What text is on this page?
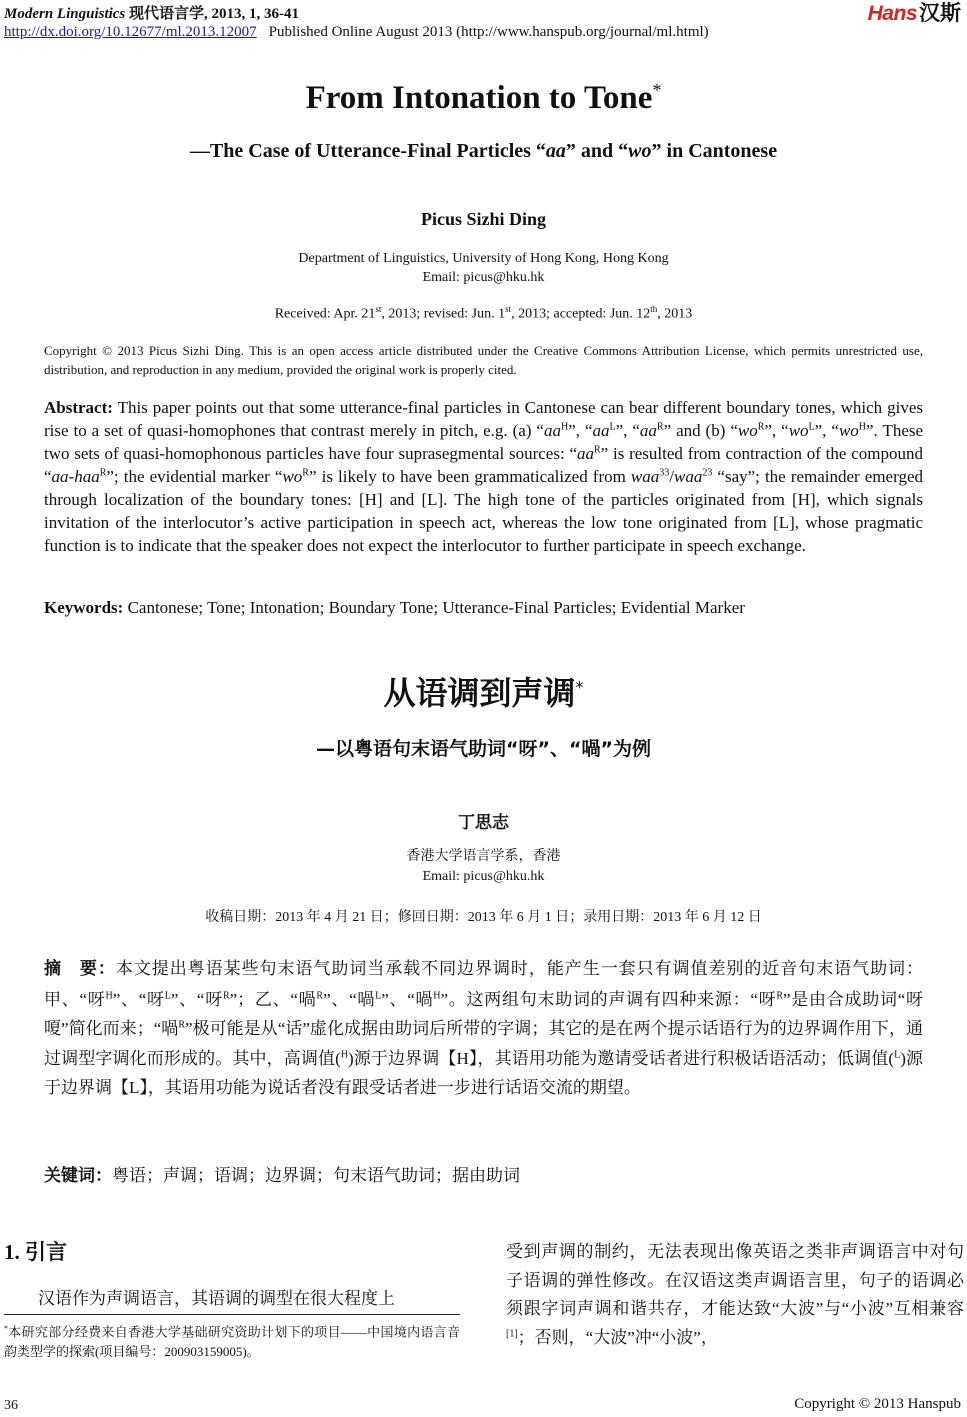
Modern Linguistics 现代语言学, 2013, 1, 36-41
http://dx.doi.org/10.12677/ml.2013.12007 Published Online August 2013 (http://www.hanspub.org/journal/ml.html)
Hans汉斯
From Intonation to Tone*
—The Case of Utterance-Final Particles “aa” and “wo” in Cantonese
Picus Sizhi Ding
Department of Linguistics, University of Hong Kong, Hong Kong
Email: picus@hku.hk
Received: Apr. 21st, 2013; revised: Jun. 1st, 2013; accepted: Jun. 12th, 2013
Copyright © 2013 Picus Sizhi Ding. This is an open access article distributed under the Creative Commons Attribution License, which permits unrestricted use, distribution, and reproduction in any medium, provided the original work is properly cited.
Abstract: This paper points out that some utterance-final particles in Cantonese can bear different boundary tones, which gives rise to a set of quasi-homophones that contrast merely in pitch, e.g. (a) “$aa^H$”, “$aa^L$”, “$aa^R$” and (b) “$wo^R$”, “$wo^L$”, “$wo^H$”. These two sets of quasi-homophonous particles have four suprasegmental sources: “$aa^R$” is resulted from contraction of the compound “aa-haa$^R$”; the evidential marker “$wo^R$” is likely to have been grammaticalized from waa$^{33}$/waa$^{23}$ “say”; the remainder emerged through localization of the boundary tones: [H] and [L]. The high tone of the particles originated from [H], which signals invitation of the interlocutor’s active participation in speech act, whereas the low tone originated from [L], whose pragmatic function is to indicate that the speaker does not expect the interlocutor to further participate in speech exchange.
Keywords: Cantonese; Tone; Intonation; Boundary Tone; Utterance-Final Particles; Evidential Marker
从语调到声调*
—以粤语句末语气助词“呀”、“喎”为例
丁思志
香港大学语言学系，香港
Email: picus@hku.hk
收稿日期：2013 年 4 月 21 日；修回日期：2013 年 6 月 1 日；录用日期：2013 年 6 月 12 日
摘　要：本文提出粤语某些句末语气助词当承载不同边界调时，能产生一套只有调值差别的近音句末语气助词：甲、“呀$^H$”、“呀$^L$”、“呀$^R$”；乙、“喎$^R$”、“喎$^L$”、“喎$^H$”。这两组句末助词的声调有四种来源：“呀$^R$”是由合成助词“呀嗄”简化而来；“喎$^R$”极可能是从“话”虚化成据由助词后所带的字调；其它的是在两个提示话语行为的边界调作用下，通过调型字调化而形成的。其中，高调值($^H$)源于边界调【H】，其语用功能为邀请受话者进行积极话语活动；低调值($^L$)源于边界调【L】，其语用功能为说话者没有跟受话者进一步进行话语交流的期望。
关键词：粤语；声调；语调；边界调；句末语气助词；据由助词
1. 引言
汉语作为声调语言，其语调的调型在很大程度上
*本研究部分经费来自香港大学基础研究资助计划下的项目——中国境内语言音韵类型学的探索(项目编号：200903159005)。
受到声调的制约，无法表现出像英语之类非声调语言中对句子语调的弹性修改。在汉语这类声调语言里，句子的语调必须跟字词声调和谐共存，才能达致“大波”与“小波”互相兼容[1]；否则，“大波”冲“小波”，
36	Copyright © 2013 Hanspub
